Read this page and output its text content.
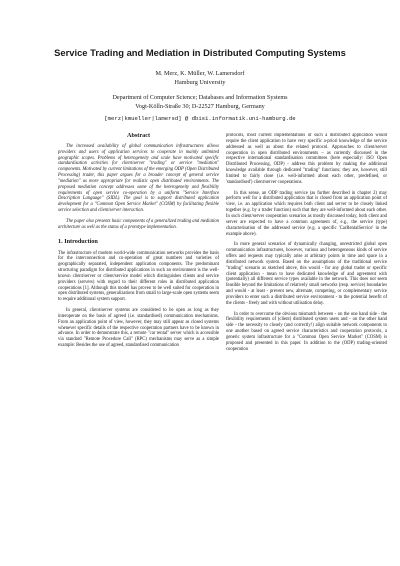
Service Trading and Mediation in Distributed Computing Systems
M. Merz, K. Müller, W. Lamersdorf
Hamburg University
Department of Computer Science; Databases and Information Systems
Vogt-Kölln-Straße 30; D-22527 Hamburg, Germany
[merz|kmueller|lamersd] @ dbis1.informatik.uni-hamburg.de
Abstract

The increased availability of global communication infrastructures allows providers and users of application services to cooperate in mainly unlimited geographic scopes. Problems of heterogeneity and scale have motivated specific standardisation activities for client/server "trading" or service "mediation" components. Motivated by current limitations of the emerging ODP (Open Distributed Processing) trader, this paper argues for a broader concept of general service "mediation" as more appropriate for realistic open distributed environments. The proposed mediation concept addresses some of the heterogeneity and flexibility requirements of open service co-operation by a uniform "Service Interface Description Language" (SIDL). The goal is to support distributed application development for a "Common Open Service Market" (COSM) by facilitating flexible service selection and client/server interaction.

The paper also presents basic components of a generalized trading and mediation architecture as well as the status of a prototype implementation.

1. Introduction

The infrastructure of modern world-wide communication networks provides the basis for the interconnection and co-operation of great numbers and varieties of geographically separated, independent application components. The predominant structuring paradigm for distributed applications in such an environment is the well-known client/server or client/service model which distinguishes clients and service providers (servers) with regard to their different roles in distributed application cooperations [1]. Although this model has proven to be well suited for cooperation in open distributed systems, generalizations from small to large-scale open systems seem to require additional system support.

In general, client/server systems are considered to be open as long as they interoperate on the basis of agreed (i.e. standardised) communication mechanisms. From an application point of view, however, they may still appear as closed systems whenever specific details of the respective cooperation partners have to be known in advance. In order to demonstrate this, a remote "car rental" server which is accessible via standard "Remote Procedure Call" (RPC) mechanisms may serve as a simple example: Besides the use of agreed, standardised communication

protocols, most current implementations of such a distributed application would require the client application to have very specific a-priori knowledge of the service addressed as well as about the related protocol. Approaches to client/server cooperation in open distributed environments – as currently discussed in the respective international standardisation committees (here especially: ISO Open Distributed Processing, ODP) - address this problem by making the additional knowledge available through dedicated "trading" functions; they are, however, still limited to fairly close (i.e. well-informed about each other, predefined, or 'standardised') client/server cooperations.

In this sense, an ODP trading service (as further described in chapter 2) may perform well for a distributed application that is closed from an application point of view, i.e. an application which requires both client and server to be closely linked together (e.g. by a trader function) such that they are well-informed about each other. In such client/server cooperation scenarios as mostly discussed today, both client and server are expected to have a common agreement of, e.g., the service (type) characterisation of the addressed service (e.g. a specific 'CarRentalService' in the example above).

In more general scenarios of dynamically changing, unrestricted global open communication infrastructures, however, various and heterogeneous kinds of service offers and requests may typically arise at arbitrary points in time and space in a distributed network system. Based on the assumptions of the traditional service "trading" scenario as sketched above, this would - for any global trader or specific client application - mean to have dedicated knowledge of and agreement with (potentially) all different service types available in the network. This does not seem feasible beyond the limitations of relatively small networks (resp. service) boundaries and would - at least - prevent new, alternate, competing, or complementary service providers to enter such a distributed service environment - to the potential benefit of the clients - freely and with without utilisation delay.

In order to overcome the obvious mismatch between - on the one hand side - the flexibility requirements of (client) distributed system users and - on the other hand side - the necessity to closely (and correctly!) align suitable network components to one another based on agreed service characteristics and cooperation protocols, a generic system infrastructure for a "Common Open Service Market" (COSM) is proposed and presented in this paper. In addition to the (ODP) trading-oriented cooperation
